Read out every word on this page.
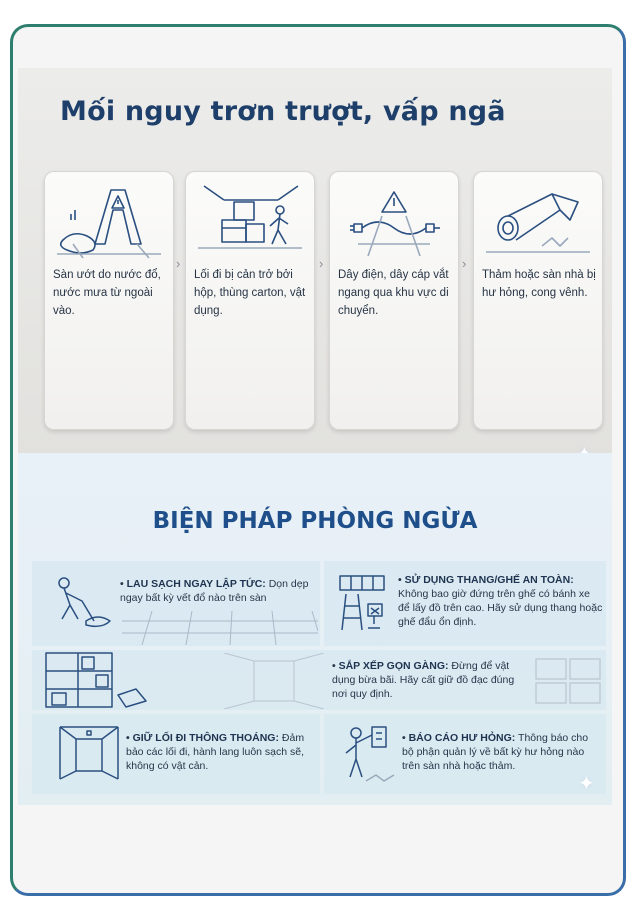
Mối nguy trơn trượt, vấp ngã
Sàn ướt do nước đổ, nước mưa từ ngoài vào.
›
Lối đi bị cản trở bởi hộp, thùng carton, vật dụng.
›
Dây điện, dây cáp vắt ngang qua khu vực di chuyển.
›
Thảm hoặc sàn nhà bị hư hỏng, cong vênh.
BIỆN PHÁP PHÒNG NGỪA
• LAU SẠCH NGAY LẬP TỨC: Dọn dẹp ngay bất kỳ vết đổ nào trên sàn
• SỬ DỤNG THANG/GHẾ AN TOÀN: Không bao giờ đứng trên ghế có bánh xe để lấy đồ trên cao. Hãy sử dụng thang hoặc ghế đẩu ổn định.
• SẮP XẾP GỌN GÀNG: Đừng để vật dụng bừa bãi. Hãy cất giữ đồ đạc đúng nơi quy định.
• GIỮ LỐI ĐI THÔNG THOÁNG: Đảm bảo các lối đi, hành lang luôn sạch sẽ, không có vật cản.
• BÁO CÁO HƯ HỎNG: Thông báo cho bộ phận quản lý về bất kỳ hư hỏng nào trên sàn nhà hoặc thảm.
✦
